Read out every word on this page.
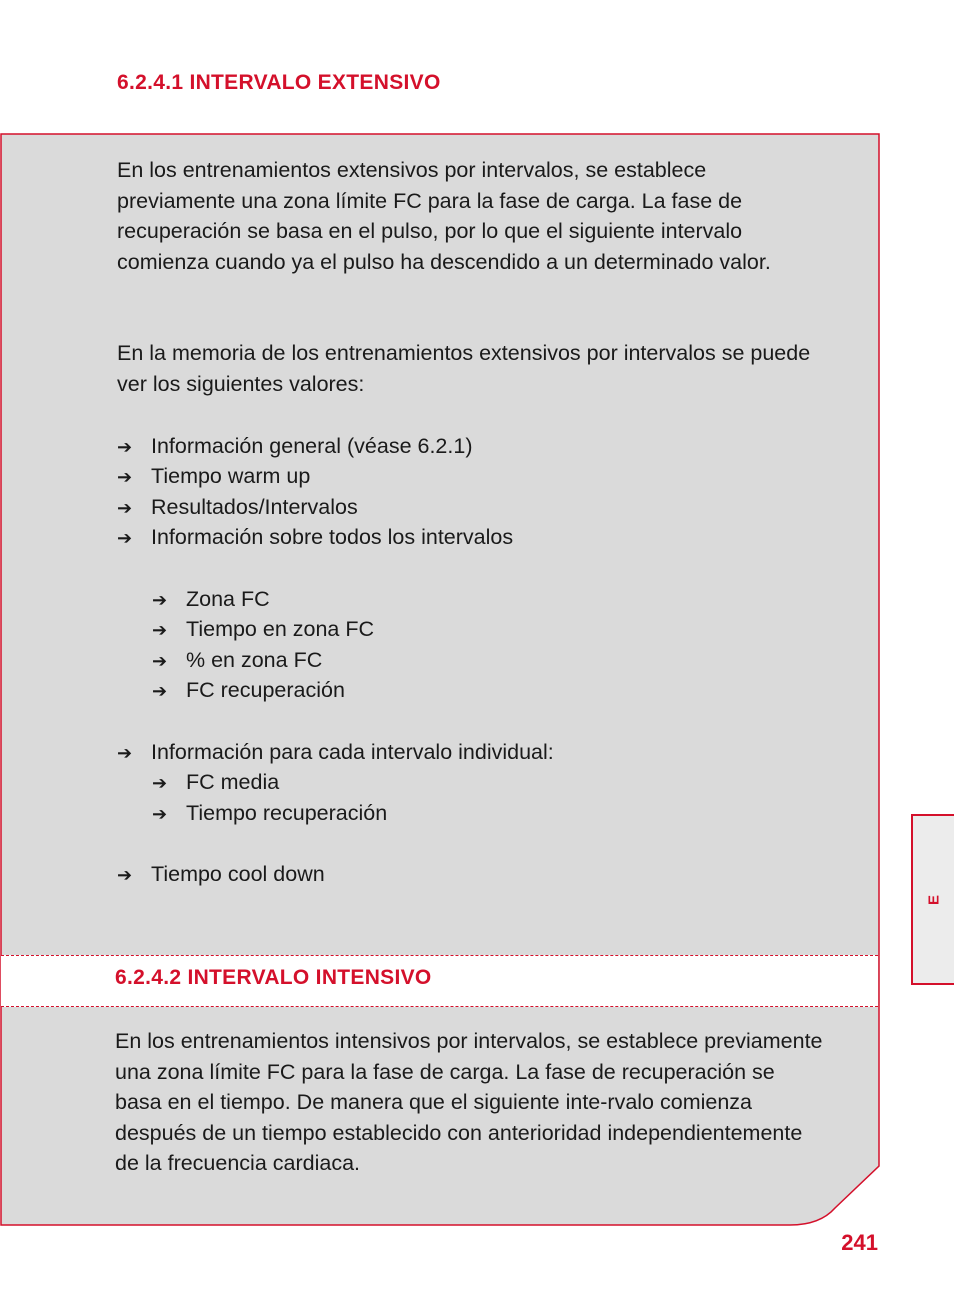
6.2.4.1 INTERVALO EXTENSIVO

En los entrenamientos extensivos por intervalos, se establece previamente una zona límite FC para la fase de carga. La fase de recuperación se basa en el pulso, por lo que el siguiente intervalo comienza cuando ya el pulso ha descendido a un determinado valor.

En la memoria de los entrenamientos extensivos por intervalos se puede ver los siguientes valores:

➔ Información general (véase 6.2.1)
➔ Tiempo warm up
➔ Resultados/Intervalos
➔ Información sobre todos los intervalos
➔ Zona FC
➔ Tiempo en zona FC
➔ % en zona FC
➔ FC recuperación
➔ Información para cada intervalo individual:
➔ FC media
➔ Tiempo recuperación
➔ Tiempo cool down
6.2.4.2 INTERVALO INTENSIVO

En los entrenamientos intensivos por intervalos, se establece previamente una zona límite FC para la fase de carga. La fase de recuperación se basa en el tiempo. De manera que el siguiente inte-rvalo comienza después de un tiempo establecido con anterioridad independientemente de la frecuencia cardiaca.

E
241
